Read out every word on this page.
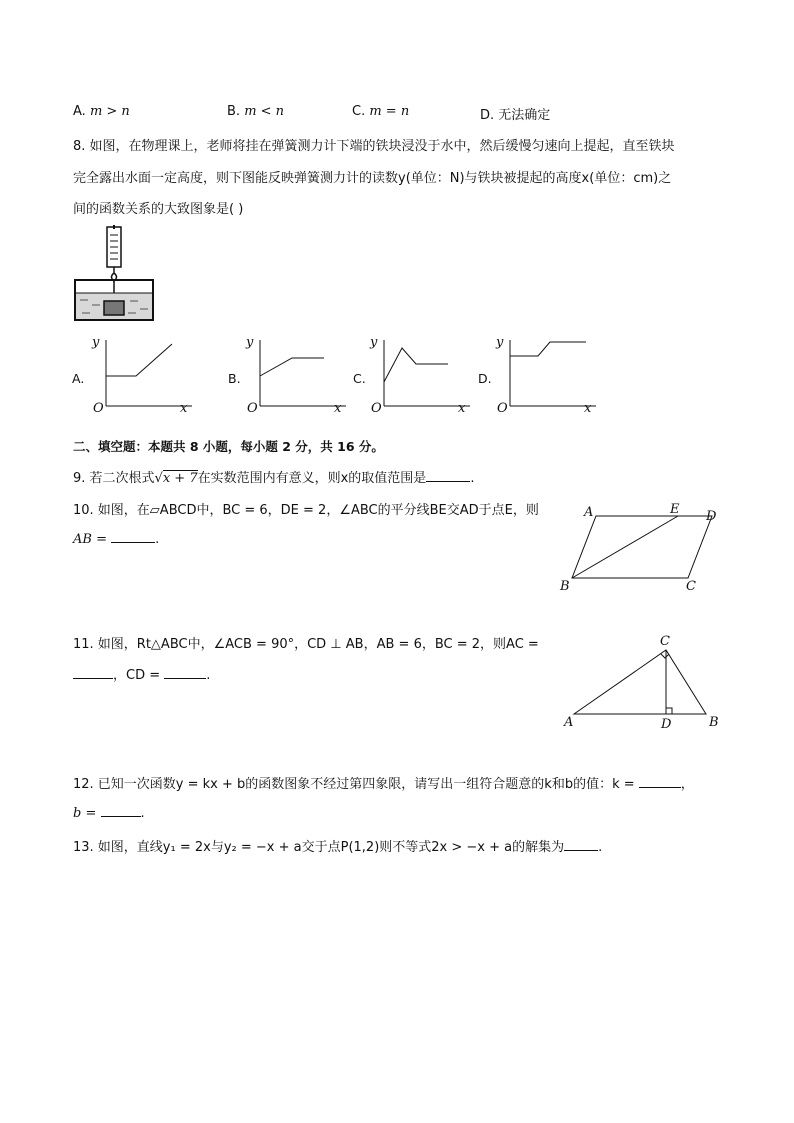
A. m > n	B. m < n	C. m = n	D. 无法确定
8. 如图，在物理课上，老师将挂在弹簧测力计下端的铁块浸没于水中，然后缓慢匀速向上提起，直至铁块
完全露出水面一定高度，则下图能反映弹簧测力计的读数y(单位：N)与铁块被提起的高度x(单位：cm)之
间的函数关系的大致图象是( )
A.
y
O	x
B.
y
O	x
C.
y
O	x
D.
y
O	x
二、填空题：本题共 8 小题，每小题 2 分，共 16 分。
9. 若二次根式√x + 7在实数范围内有意义，则x的取值范围是	.
10. 如图，在▱ABCD中，BC = 6，DE = 2，∠ABC的平分线BE交AD于点E，则
AB =	.
A	E D
B	C
11. 如图，Rt△ABC中，∠ACB = 90°，CD ⊥ AB，AB = 6，BC = 2，则AC =
，CD =	.
C
A	D	B
12. 已知一次函数y = kx + b的函数图象不经过第四象限，请写出一组符合题意的k和b的值：k =	，
b =	.
13. 如图，直线y₁ = 2x与y₂ = −x + a交于点P(1,2)则不等式2x > −x + a的解集为	.
